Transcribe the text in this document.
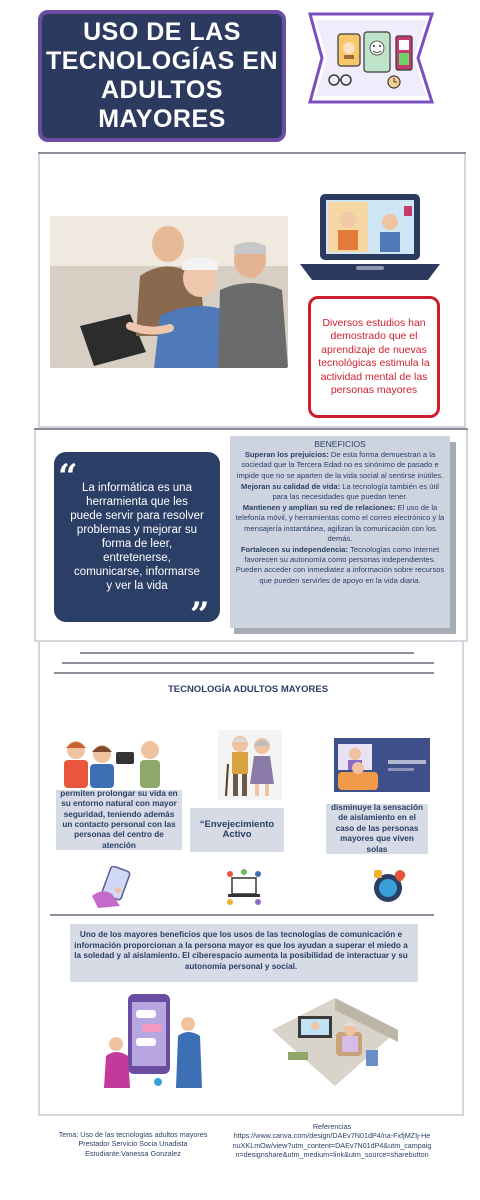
USO DE LAS
TECNOLOGÍAS EN
ADULTOS
MAYORES
Diversos estudios han demostrado que el aprendizaje de nuevas tecnológicas estimula la actividad mental de las personas mayores
La informática es una herramienta que les puede servir para resolver problemas y mejorar su forma de leer, entretenerse, comunicarse, informarse y ver la vida
“
”
BENEFICIOS

Superan los prejuicios: De esta forma demuestran a la sociedad que la Tercera Edad no es sinónimo de pasado e impide que no se aparten de la vida social al sentirse inútiles.

Mejoran su calidad de vida: La tecnología también es útil para las necesidades que puedan tener.

Mantienen y amplían su red de relaciones: El uso de la telefonía móvil, y herramientas como el correo electrónico y la mensajería instantánea, agilizan la comunicación con los demás.

Fortalecen su independencia: Tecnologías como Internet favorecen su autonomía como personas independientes. Pueden acceder con inmediatez a información sobre recursos que pueden servirles de apoyo en la vida diaria.

TECNOLOGÍA ADULTOS MAYORES
permiten prolongar su vida en su entorno natural con mayor seguridad, teniendo además un contacto personal con las personas del centro de atención
“Envejecimiento Activo
disminuye la sensación de aislamiento en el caso de las personas mayores que viven solas
Uno de los mayores beneficios que los usos de las tecnologías de comunicación e información proporcionan a la persona mayor es que los ayudan a superar el miedo a la soledad y al aislamiento. El ciberespacio aumenta la posibilidad de interactuar y su autonomía personal y social.
Tema: Uso de las tecnologias adultos mayores
Prestador Servicio Socia Unadista
Estudiante:Vanessa Gonzalez
Referencias
https://www.canva.com/design/DAEv7N01dP4/na-FxfjMZIj-HenuXKLmOw/view?utm_content=DAEv7N01dP4&utm_campaign=designshare&utm_medium=link&utm_source=sharebutton
